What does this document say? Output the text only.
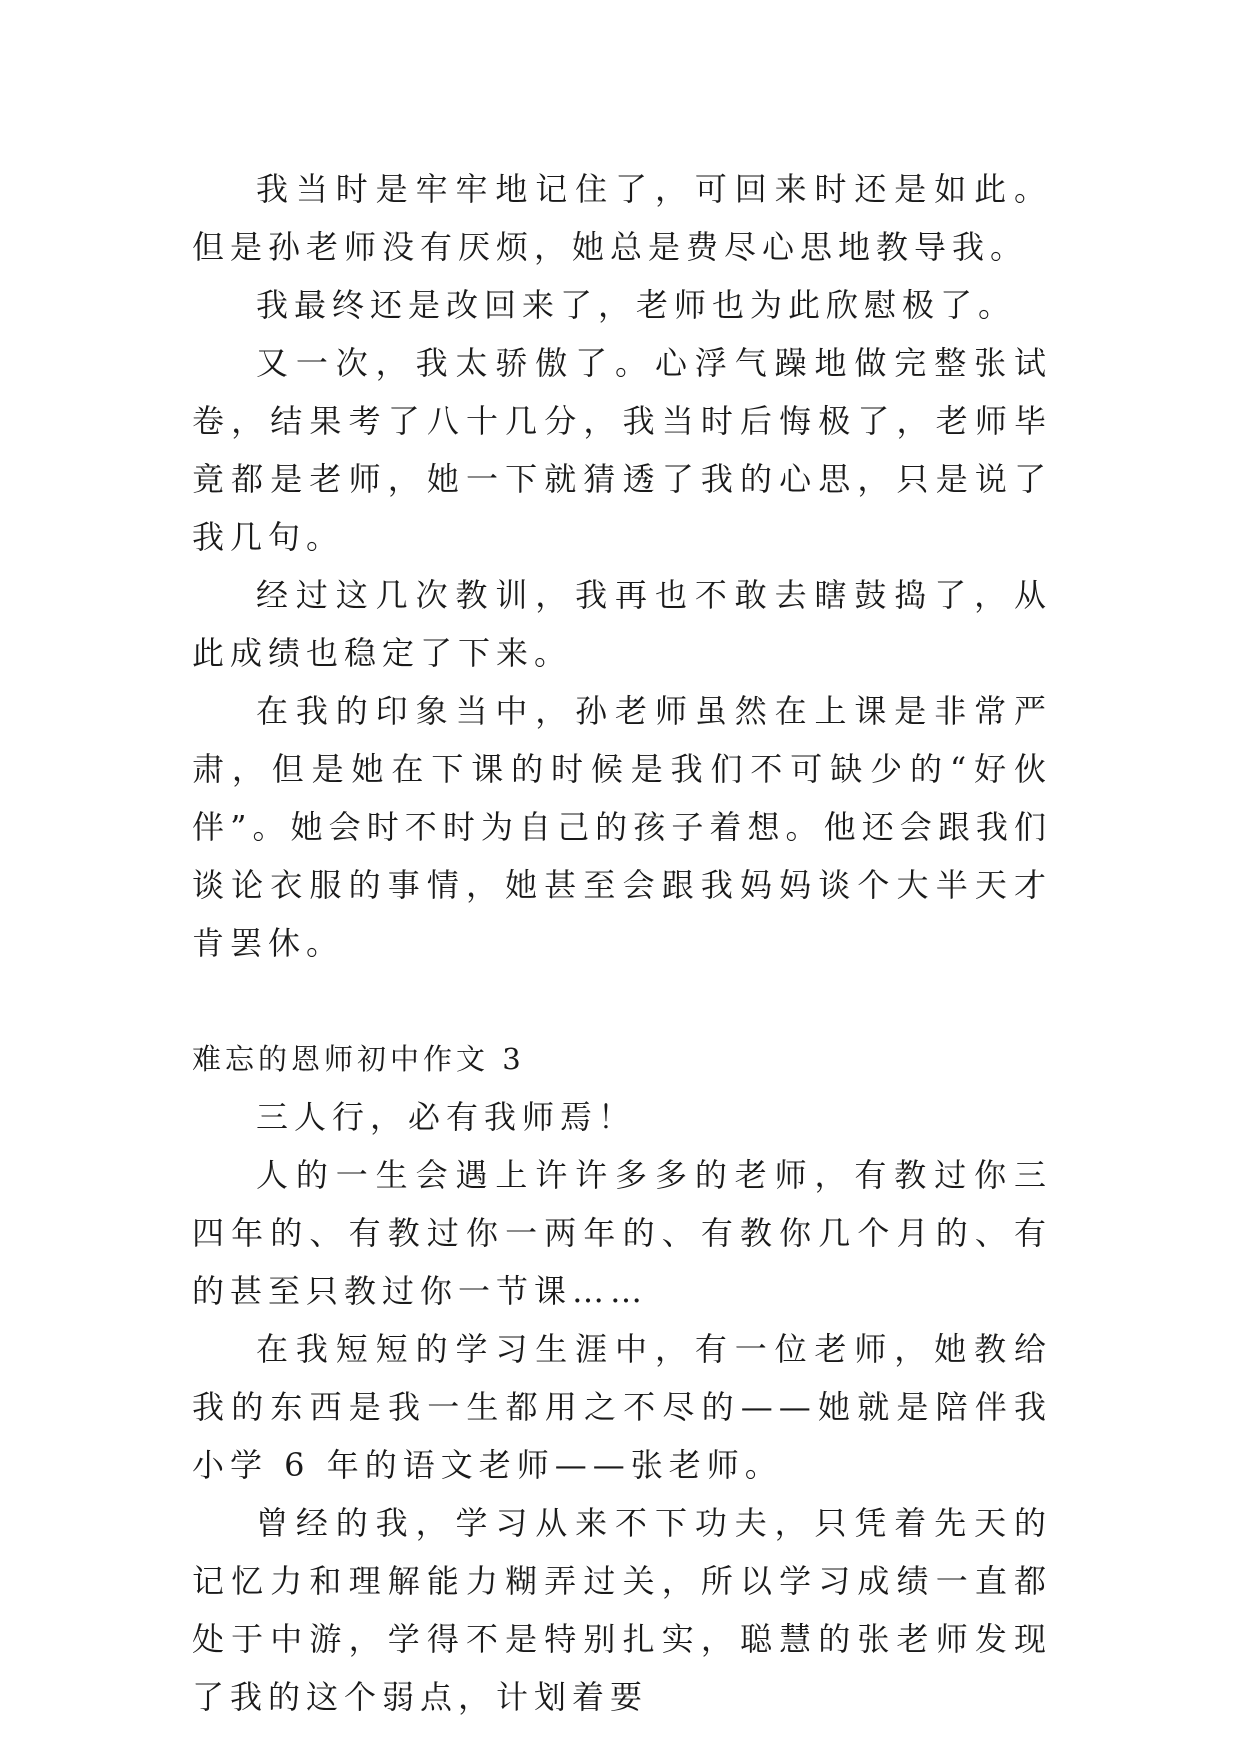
我当时是牢牢地记住了，可回来时还是如此。但是孙老师没有厌烦，她总是费尽心思地教导我。

我最终还是改回来了，老师也为此欣慰极了。

又一次，我太骄傲了。心浮气躁地做完整张试卷，结果考了八十几分，我当时后悔极了，老师毕竟都是老师，她一下就猜透了我的心思，只是说了我几句。

经过这几次教训，我再也不敢去瞎鼓捣了，从此成绩也稳定了下来。

在我的印象当中，孙老师虽然在上课是非常严肃，但是她在下课的时候是我们不可缺少的“好伙伴”。她会时不时为自己的孩子着想。他还会跟我们谈论衣服的事情，她甚至会跟我妈妈谈个大半天才肯罢休。

难忘的恩师初中作文 3

三人行，必有我师焉！

人的一生会遇上许许多多的老师，有教过你三四年的、有教过你一两年的、有教你几个月的、有的甚至只教过你一节课……

在我短短的学习生涯中，有一位老师，她教给我的东西是我一生都用之不尽的——她就是陪伴我小学 6 年的语文老师——张老师。

曾经的我，学习从来不下功夫，只凭着先天的记忆力和理解能力糊弄过关，所以学习成绩一直都处于中游，学得不是特别扎实，聪慧的张老师发现了我的这个弱点，计划着要
